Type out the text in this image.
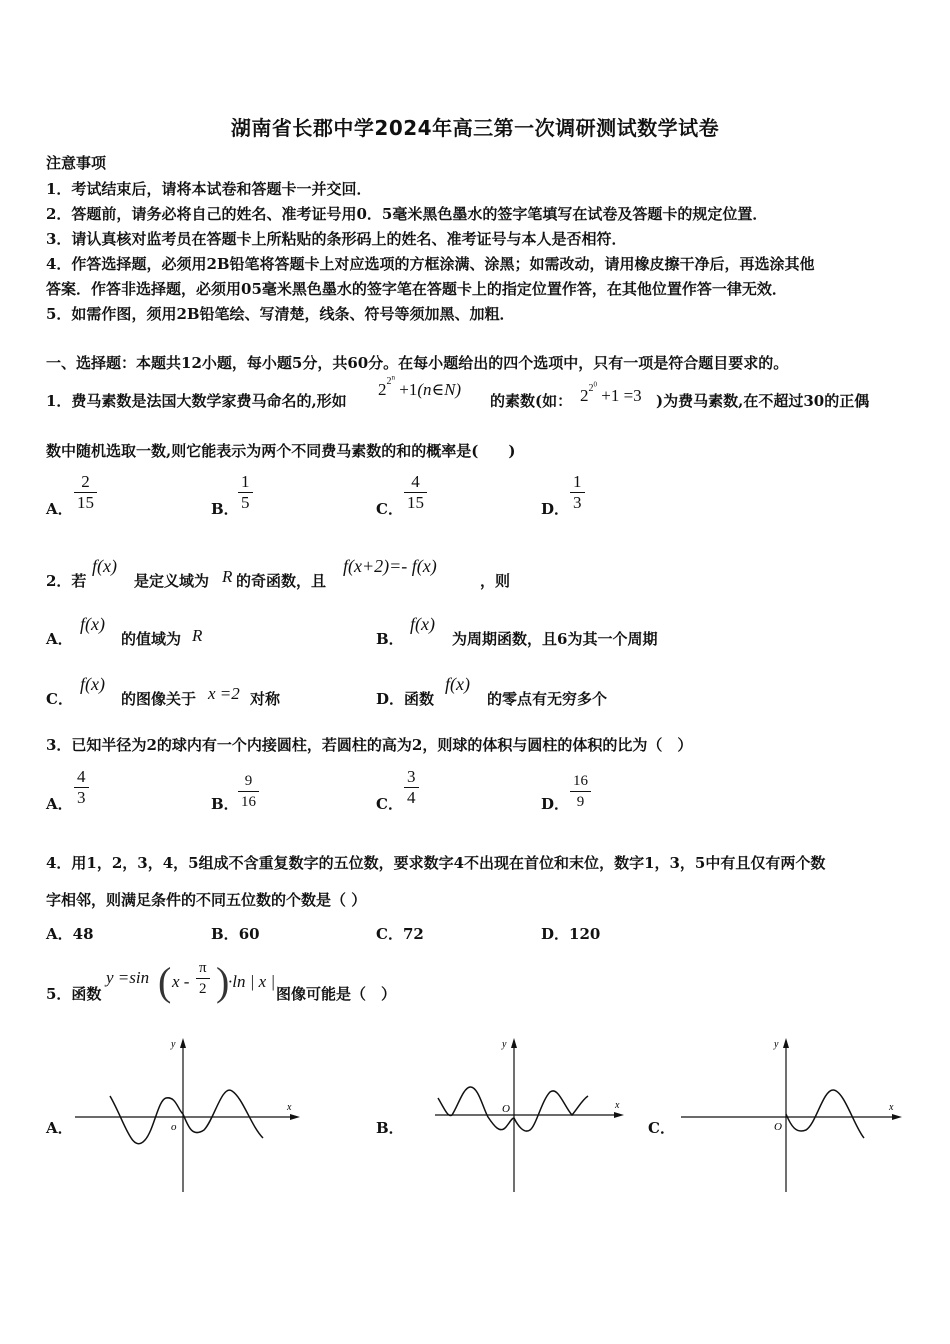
湖南省长郡中学2024年高三第一次调研测试数学试卷
注意事项
1．考试结束后，请将本试卷和答题卡一并交回．
2．答题前，请务必将自己的姓名、准考证号用0．5毫米黑色墨水的签字笔填写在试卷及答题卡的规定位置．
3．请认真核对监考员在答题卡上所粘贴的条形码上的姓名、准考证号与本人是否相符．
4．作答选择题，必须用2B铅笔将答题卡上对应选项的方框涂满、涂黑；如需改动，请用橡皮擦干净后，再选涂其他
答案．作答非选择题，必须用05毫米黑色墨水的签字笔在答题卡上的指定位置作答，在其他位置作答一律无效．
5．如需作图，须用2B铅笔绘、写清楚，线条、符号等须加黑、加粗．
一、选择题：本题共12小题，每小题5分，共60分。在每小题给出的四个选项中，只有一项是符合题目要求的。
1．费马素数是法国大数学家费马命名的,形如
$2^{2^n}$ +1(n∈N)
的素数(如： $2^{2^0} +1 =3$ )为费马素数,在不超过30的正偶
数中随机选取一数,则它能表示为两个不同费马素数的和的概率是(　　)
A． $\frac{2}{15}$	B． $\frac{1}{5}$	C． $\frac{4}{15}$	D． $\frac{1}{3}$
2．若
f(x)
是定义域为 R 的奇函数，且
f(x+2)=- f(x)
，则
A．
f(x)
的值域为 R	B．
f(x)
为周期函数，且6为其一个周期
C．
f(x)
的图像关于 x =2 对称	D．函数
f(x)
的零点有无穷多个
3．已知半径为2的球内有一个内接圆柱，若圆柱的高为2，则球的体积与圆柱的体积的比为（　）
A． $\frac{4}{3}$	B． $\frac{9}{16}$	C． $\frac{3}{4}$	D． $\frac{16}{9}$
4．用1，2，3，4，5组成不含重复数字的五位数，要求数字4不出现在首位和末位，数字1，3，5中有且仅有两个数
字相邻，则满足条件的不同五位数的个数是（ ）
A．48	B．60	C．72	D．120
5．函数
y =sin ( x - $\frac{\pi}{2}$ )
·ln | x |
图像可能是（　）
A．
x
y
o	B．
x
y
O
C．
x
y
O
